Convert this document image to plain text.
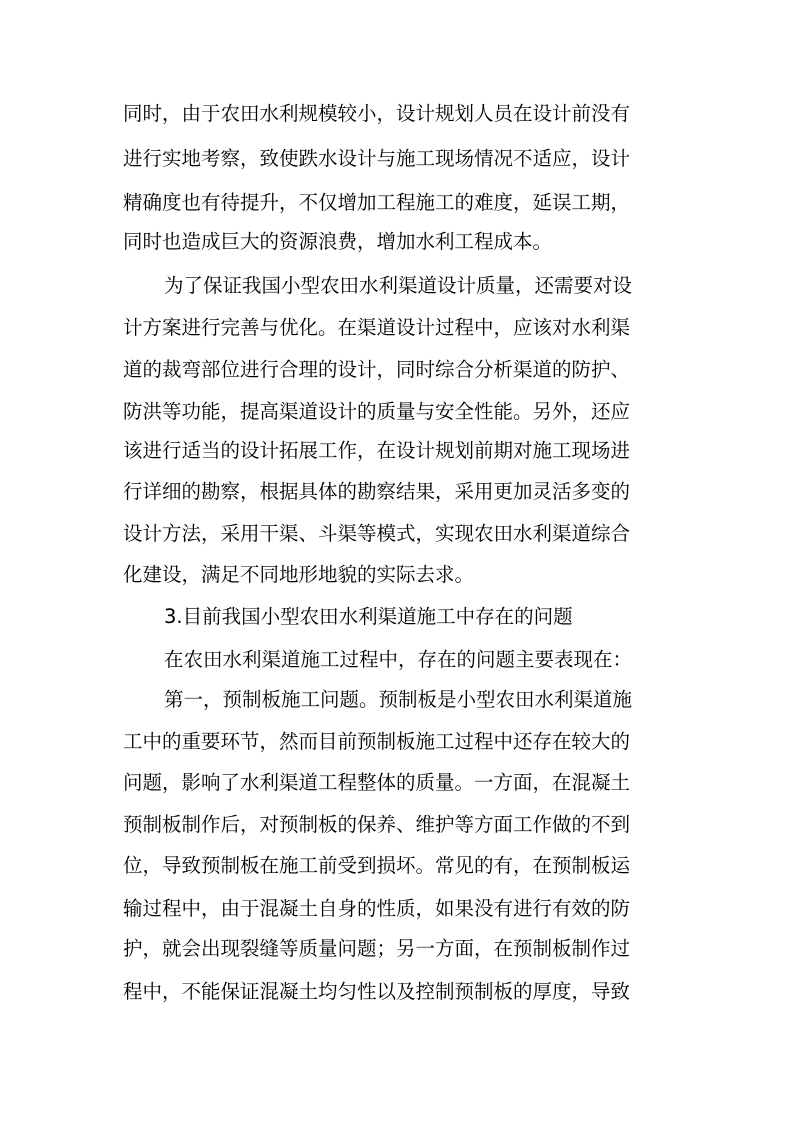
同时，由于农田水利规模较小，设计规划人员在设计前没有
进行实地考察，致使跌水设计与施工现场情况不适应，设计
精确度也有待提升，不仅增加工程施工的难度，延误工期，
同时也造成巨大的资源浪费，增加水利工程成本。
为了保证我国小型农田水利渠道设计质量，还需要对设
计方案进行完善与优化。在渠道设计过程中，应该对水利渠
道的裁弯部位进行合理的设计，同时综合分析渠道的防护、
防洪等功能，提高渠道设计的质量与安全性能。另外，还应
该进行适当的设计拓展工作，在设计规划前期对施工现场进
行详细的勘察，根据具体的勘察结果，采用更加灵活多变的
设计方法，采用干渠、斗渠等模式，实现农田水利渠道综合
化建设，满足不同地形地貌的实际去求。
3.目前我国小型农田水利渠道施工中存在的问题
在农田水利渠道施工过程中，存在的问题主要表现在：
第一，预制板施工问题。预制板是小型农田水利渠道施
工中的重要环节，然而目前预制板施工过程中还存在较大的
问题，影响了水利渠道工程整体的质量。一方面，在混凝土
预制板制作后，对预制板的保养、维护等方面工作做的不到
位，导致预制板在施工前受到损坏。常见的有，在预制板运
输过程中，由于混凝土自身的性质，如果没有进行有效的防
护，就会出现裂缝等质量问题；另一方面，在预制板制作过
程中，不能保证混凝土均匀性以及控制预制板的厚度，导致
